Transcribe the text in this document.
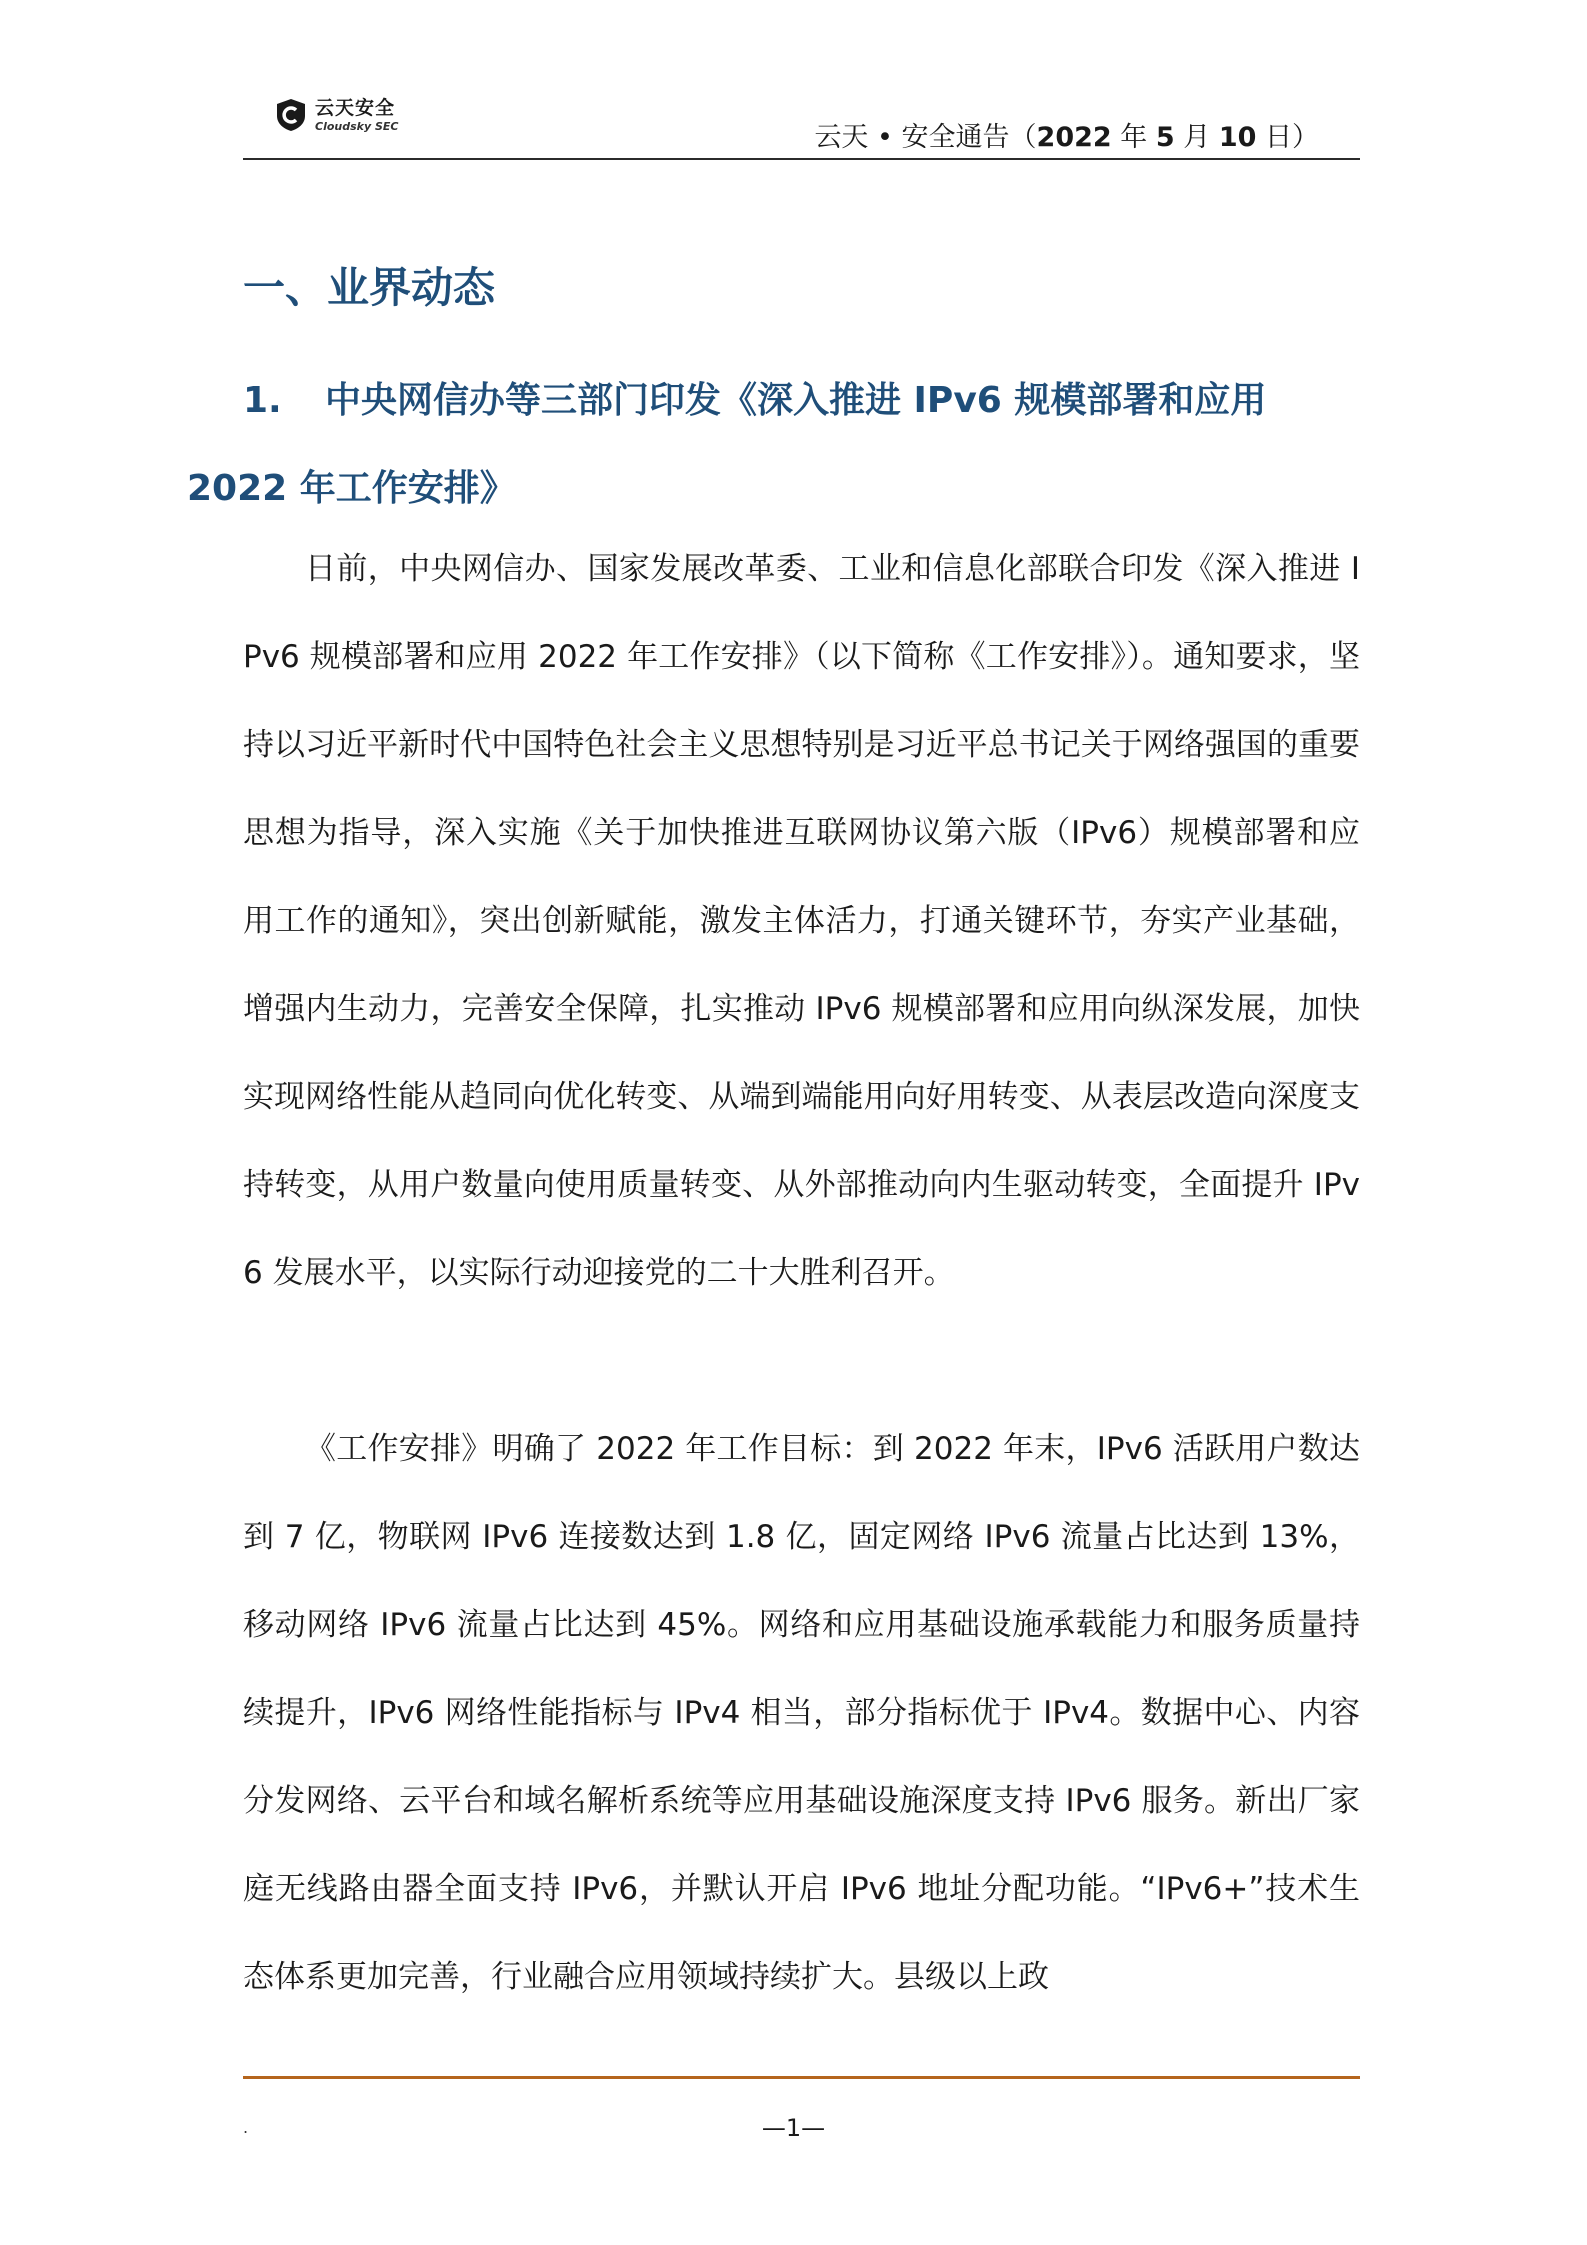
云天安全
Cloudsky SEC	云天 • 安全通告（2022 年 5 月 10 日）
一、业界动态
1. 中央网信办等三部门印发《深入推进 IPv6 规模部署和应用 2022 年工作安排》

日前，中央网信办、国家发展改革委、工业和信息化部联合印发《深入推进 IPv6 规模部署和应用 2022 年工作安排》（以下简称《工作安排》）。通知要求，坚持以习近平新时代中国特色社会主义思想特别是习近平总书记关于网络强国的重要思想为指导，深入实施《关于加快推进互联网协议第六版（IPv6）规模部署和应用工作的通知》，突出创新赋能，激发主体活力，打通关键环节，夯实产业基础，增强内生动力，完善安全保障，扎实推动 IPv6 规模部署和应用向纵深发展，加快实现网络性能从趋同向优化转变、从端到端能用向好用转变、从表层改造向深度支持转变，从用户数量向使用质量转变、从外部推动向内生驱动转变，全面提升 IPv6 发展水平，以实际行动迎接党的二十大胜利召开。

《工作安排》明确了 2022 年工作目标：到 2022 年末，IPv6 活跃用户数达到 7 亿，物联网 IPv6 连接数达到 1.8 亿，固定网络 IPv6 流量占比达到 13%，移动网络 IPv6 流量占比达到 45%。网络和应用基础设施承载能力和服务质量持续提升，IPv6 网络性能指标与 IPv4 相当，部分指标优于 IPv4。数据中心、内容分发网络、云平台和域名解析系统等应用基础设施深度支持 IPv6 服务。新出厂家庭无线路由器全面支持 IPv6，并默认开启 IPv6 地址分配功能。“IPv6+”技术生态体系更加完善，行业融合应用领域持续扩大。县级以上政

.	—1—
